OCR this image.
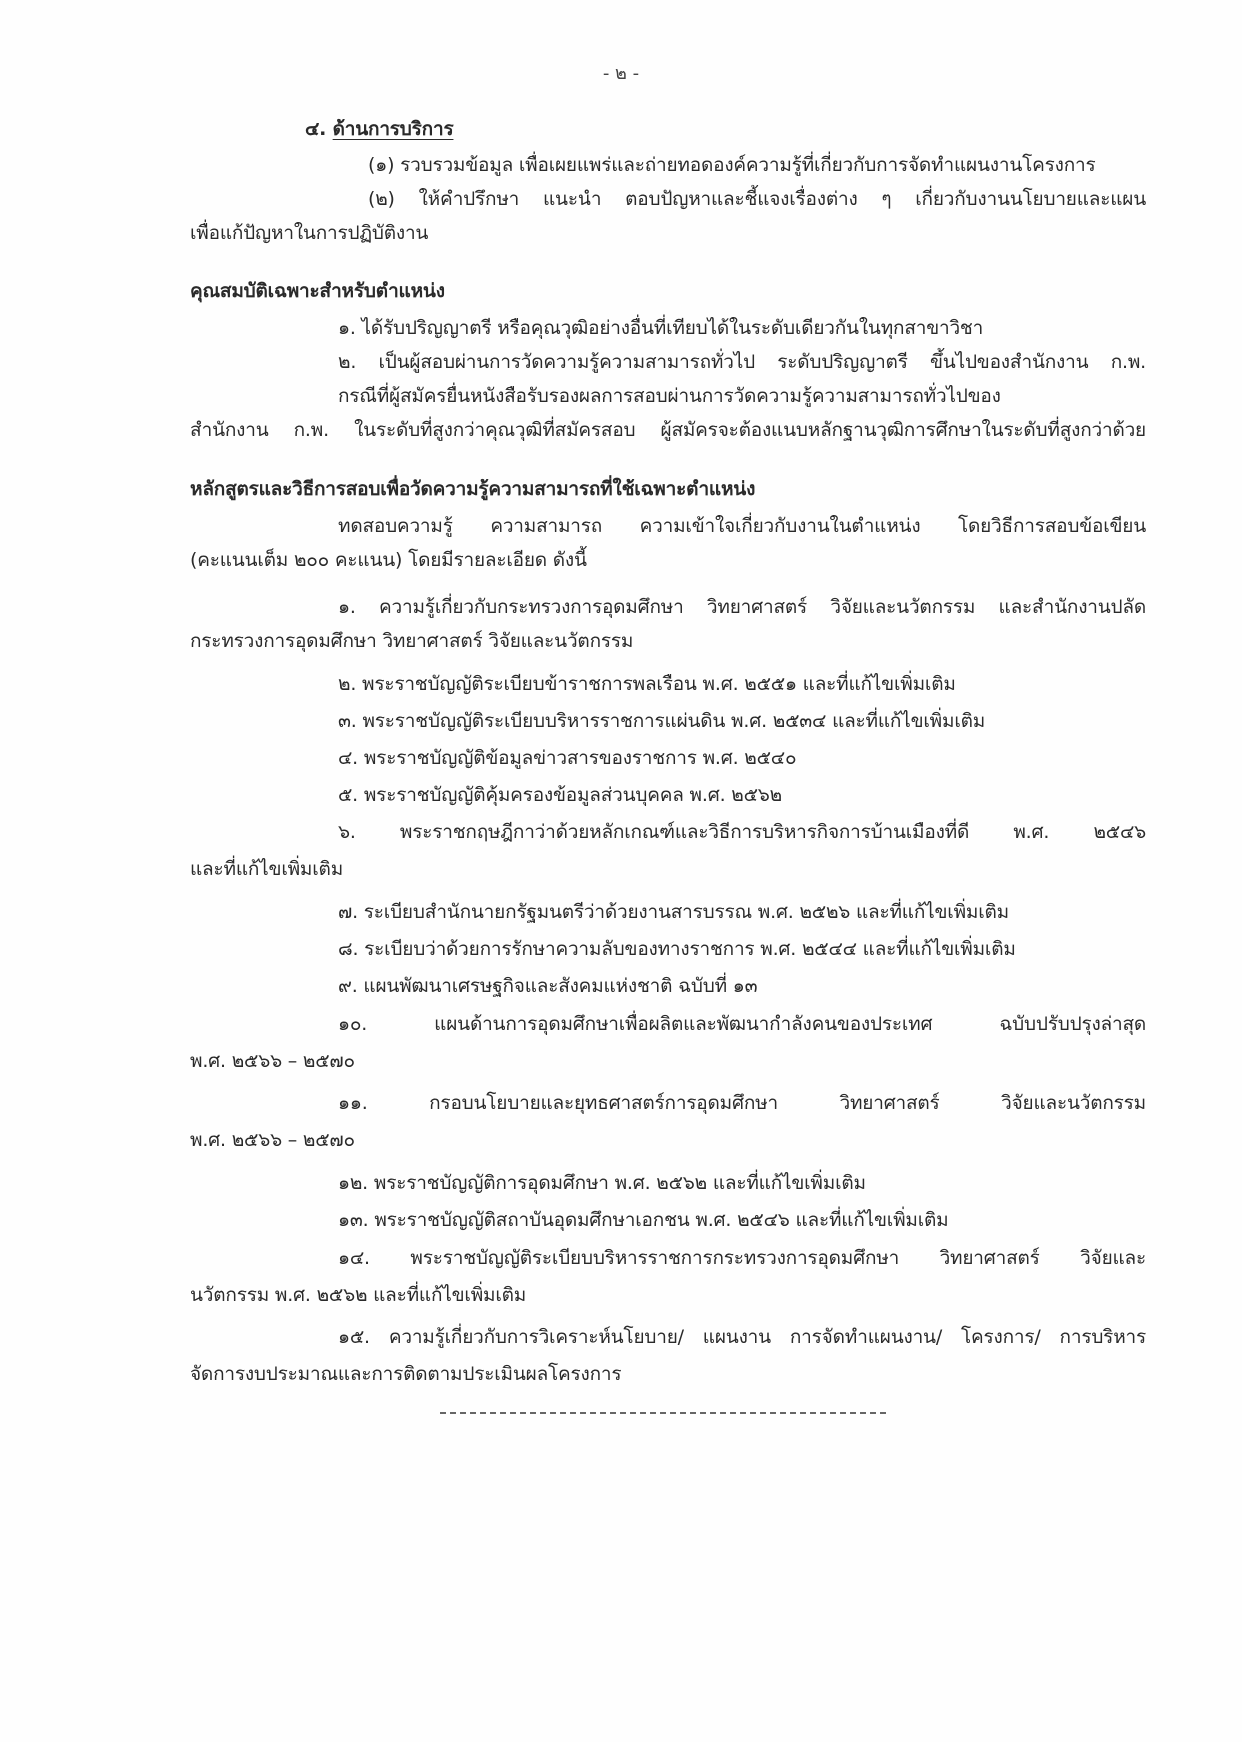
- ๒ -
๔. ด้านการบริการ
(๑) รวบรวมข้อมูล เพื่อเผยแพร่และถ่ายทอดองค์ความรู้ที่เกี่ยวกับการจัดทำแผนงานโครงการ
(๒) ให้คำปรึกษา แนะนำ ตอบปัญหาและชี้แจงเรื่องต่าง ๆ เกี่ยวกับงานนโยบายและแผน
เพื่อแก้ปัญหาในการปฏิบัติงาน
คุณสมบัติเฉพาะสำหรับตำแหน่ง
๑. ได้รับปริญญาตรี หรือคุณวุฒิอย่างอื่นที่เทียบได้ในระดับเดียวกันในทุกสาขาวิชา
๒. เป็นผู้สอบผ่านการวัดความรู้ความสามารถทั่วไป ระดับปริญญาตรี ขึ้นไปของสำนักงาน ก.พ.
กรณีที่ผู้สมัครยื่นหนังสือรับรองผลการสอบผ่านการวัดความรู้ความสามารถทั่วไปของ
สำนักงาน ก.พ. ในระดับที่สูงกว่าคุณวุฒิที่สมัครสอบ ผู้สมัครจะต้องแนบหลักฐานวุฒิการศึกษาในระดับที่สูงกว่าด้วย
หลักสูตรและวิธีการสอบเพื่อวัดความรู้ความสามารถที่ใช้เฉพาะตำแหน่ง
ทดสอบความรู้ ความสามารถ ความเข้าใจเกี่ยวกับงานในตำแหน่ง โดยวิธีการสอบข้อเขียน
(คะแนนเต็ม ๒๐๐ คะแนน) โดยมีรายละเอียด ดังนี้
๑. ความรู้เกี่ยวกับกระทรวงการอุดมศึกษา วิทยาศาสตร์ วิจัยและนวัตกรรม และสำนักงานปลัด
กระทรวงการอุดมศึกษา วิทยาศาสตร์ วิจัยและนวัตกรรม
๒. พระราชบัญญัติระเบียบข้าราชการพลเรือน พ.ศ. ๒๕๕๑ และที่แก้ไขเพิ่มเติม
๓. พระราชบัญญัติระเบียบบริหารราชการแผ่นดิน พ.ศ. ๒๕๓๔ และที่แก้ไขเพิ่มเติม
๔. พระราชบัญญัติข้อมูลข่าวสารของราชการ พ.ศ. ๒๕๔๐
๕. พระราชบัญญัติคุ้มครองข้อมูลส่วนบุคคล พ.ศ. ๒๕๖๒
๖. พระราชกฤษฎีกาว่าด้วยหลักเกณฑ์และวิธีการบริหารกิจการบ้านเมืองที่ดี พ.ศ. ๒๕๔๖
และที่แก้ไขเพิ่มเติม
๗. ระเบียบสำนักนายกรัฐมนตรีว่าด้วยงานสารบรรณ พ.ศ. ๒๕๒๖ และที่แก้ไขเพิ่มเติม
๘. ระเบียบว่าด้วยการรักษาความลับของทางราชการ พ.ศ. ๒๕๔๔ และที่แก้ไขเพิ่มเติม
๙. แผนพัฒนาเศรษฐกิจและสังคมแห่งชาติ ฉบับที่ ๑๓
๑๐. แผนด้านการอุดมศึกษาเพื่อผลิตและพัฒนากำลังคนของประเทศ ฉบับปรับปรุงล่าสุด
พ.ศ. ๒๕๖๖ – ๒๕๗๐
๑๑. กรอบนโยบายและยุทธศาสตร์การอุดมศึกษา วิทยาศาสตร์ วิจัยและนวัตกรรม
พ.ศ. ๒๕๖๖ – ๒๕๗๐
๑๒. พระราชบัญญัติการอุดมศึกษา พ.ศ. ๒๕๖๒ และที่แก้ไขเพิ่มเติม
๑๓. พระราชบัญญัติสถาบันอุดมศึกษาเอกชน พ.ศ. ๒๕๔๖ และที่แก้ไขเพิ่มเติม
๑๔. พระราชบัญญัติระเบียบบริหารราชการกระทรวงการอุดมศึกษา วิทยาศาสตร์ วิจัยและ
นวัตกรรม พ.ศ. ๒๕๖๒ และที่แก้ไขเพิ่มเติม
๑๕. ความรู้เกี่ยวกับการวิเคราะห์นโยบาย/ แผนงาน การจัดทำแผนงาน/ โครงการ/ การบริหาร
จัดการงบประมาณและการติดตามประเมินผลโครงการ
